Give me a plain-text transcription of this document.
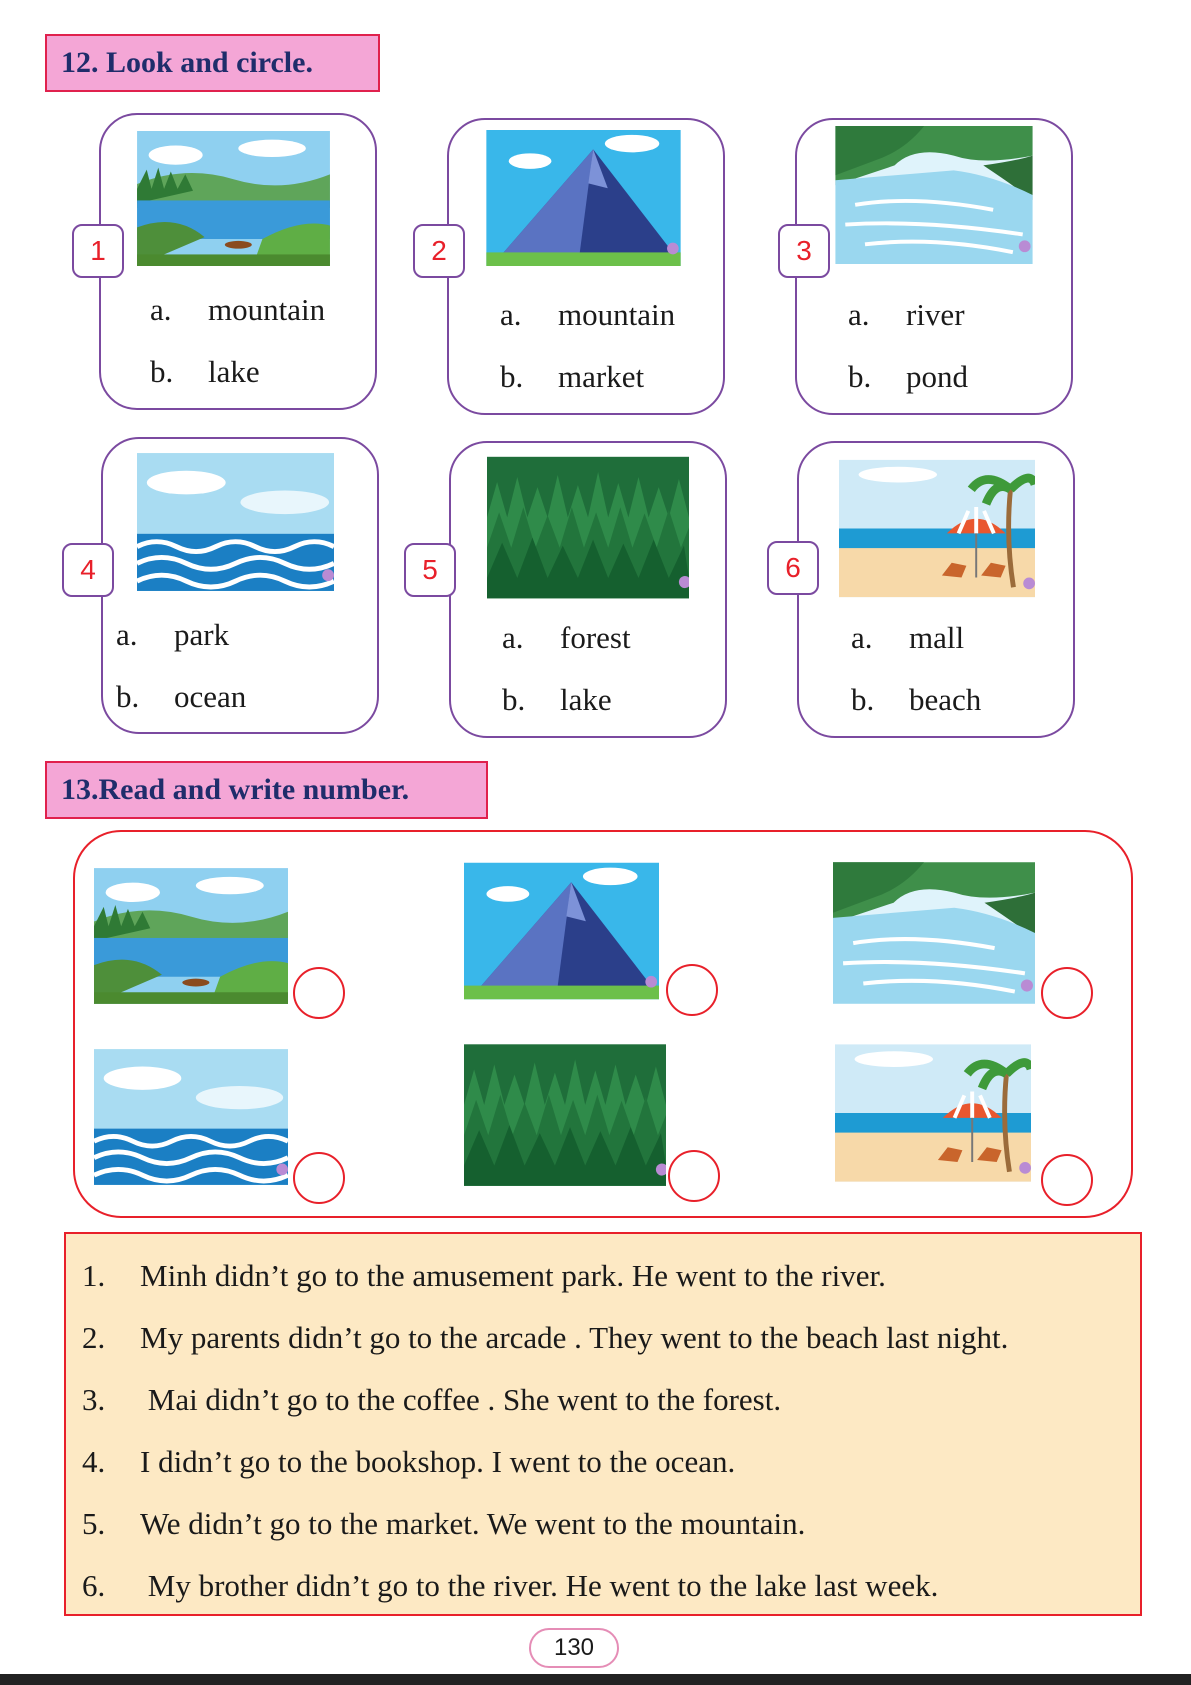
12. Look and circle.
1
a. mountain
b. lake
2
a. mountain
b. market
3
a. river
b. pond
4
a. park
b. ocean
5
a. forest
b. lake
6
a. mall
b. beach
13.Read and write number.
1. Minh didn’t go to the amusement park. He went to the river.
2. My parents didn’t go to the arcade . They went to the beach last night.
3. Mai didn’t go to the coffee . She went to the forest.
4. I didn’t go to the bookshop. I went to the ocean.
5. We didn’t go to the market. We went to the mountain.
6. My brother didn’t go to the river. He went to the lake last week.
130
